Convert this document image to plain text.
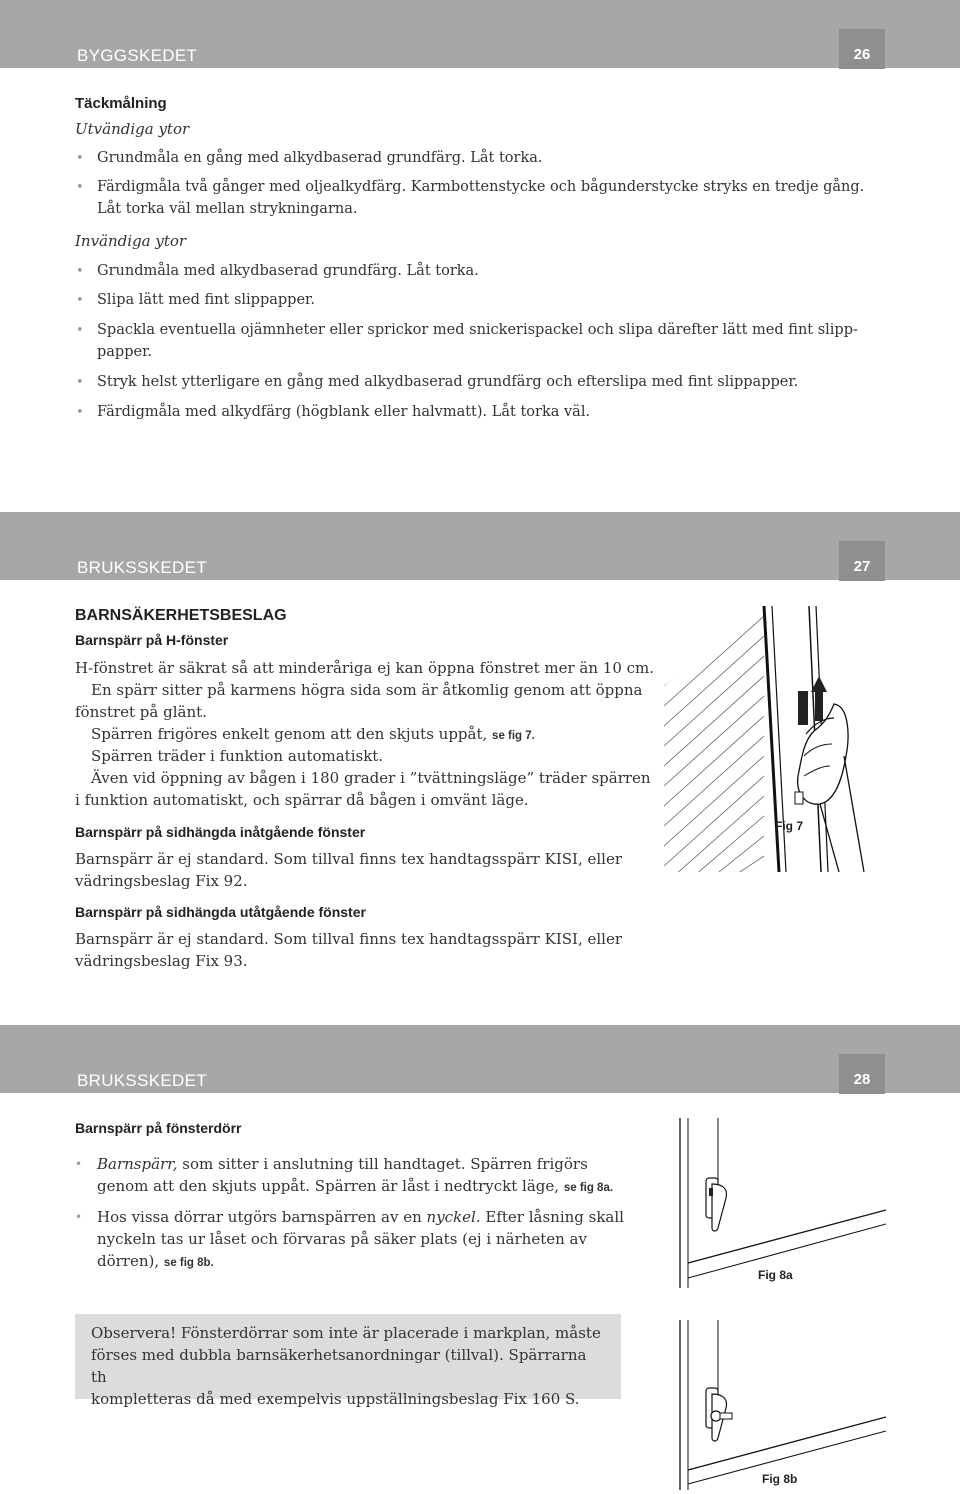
BYGGSKEDET	26
Täckmålning
Utvändiga ytor
• Grundmåla en gång med alkydbaserad grundfärg. Låt torka.
• Färdigmåla två gånger med oljealkydfärg. Karmbottenstycke och bågunderstycke stryks en tredje gång.
Låt torka väl mellan strykningarna.
Invändiga ytor
• Grundmåla med alkydbaserad grundfärg. Låt torka.
• Slipa lätt med fint slippapper.
• Spackla eventuella ojämnheter eller sprickor med snickerispackel och slipa därefter lätt med fint slipp-
papper.
• Stryk helst ytterligare en gång med alkydbaserad grundfärg och efterslipa med fint slippapper.
• Färdigmåla med alkydfärg (högblank eller halvmatt). Låt torka väl.
BRUKSSKEDET	27
BARNSÄKERHETSBESLAG
Barnspärr på H-fönster
H-fönstret är säkrat så att minderåriga ej kan öppna fönstret mer än 10 cm.
En spärr sitter på karmens högra sida som är åtkomlig genom att öppna
fönstret på glänt.
Spärren frigöres enkelt genom att den skjuts uppåt, se fig 7.
Spärren träder i funktion automatiskt.
Även vid öppning av bågen i 180 grader i ”tvättningsläge” träder spärren
i funktion automatiskt, och spärrar då bågen i omvänt läge.
Barnspärr på sidhängda inåtgående fönster
Barnspärr är ej standard. Som tillval finns tex handtagsspärr KISI, eller
vädringsbeslag Fix 92.
Barnspärr på sidhängda utåtgående fönster
Barnspärr är ej standard. Som tillval finns tex handtagsspärr KISI, eller
vädringsbeslag Fix 93.
Fig 7
BRUKSSKEDET	28
Barnspärr på fönsterdörr
• Barnspärr, som sitter i anslutning till handtaget. Spärren frigörs
genom att den skjuts uppåt. Spärren är låst i nedtryckt läge, se fig 8a.
• Hos vissa dörrar utgörs barnspärren av en nyckel. Efter låsning skall
nyckeln tas ur låset och förvaras på säker plats (ej i närheten av
dörren), se fig 8b.
Observera! Fönsterdörrar som inte är placerade i markplan, måste
förses med dubbla barnsäkerhetsanordningar (tillval). Spärrarna th
kompletteras då med exempelvis uppställningsbeslag Fix 160 S.
Fig 8a
Fig 8b
